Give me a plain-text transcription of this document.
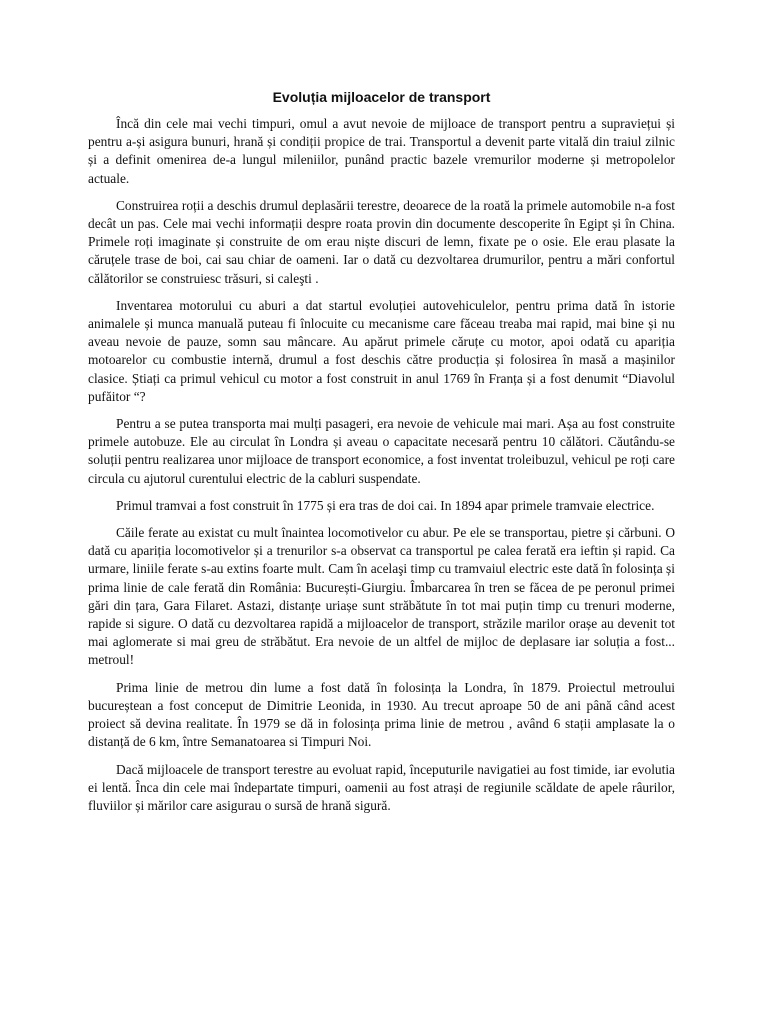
Evoluția mijloacelor de transport

Încă din cele mai vechi timpuri, omul a avut nevoie de mijloace de transport pentru a supraviețui și pentru a-și asigura bunuri, hrană și condiții propice de trai. Transportul a devenit parte vitală din traiul zilnic și a definit omenirea de-a lungul mileniilor, punând practic bazele vremurilor moderne și metropolelor actuale.

Construirea roții a deschis drumul deplasării terestre, deoarece de la roată la primele automobile n-a fost decât un pas. Cele mai vechi informații despre roata provin din documente descoperite în Egipt și în China. Primele roți imaginate și construite de om erau niște discuri de lemn, fixate pe o osie. Ele erau plasate la căruțele trase de boi, cai sau chiar de oameni. Iar o dată cu dezvoltarea drumurilor, pentru a mări confortul călătorilor se construiesc trăsuri, si caleşti .

Inventarea motorului cu aburi a dat startul evoluției autovehiculelor, pentru prima dată în istorie animalele și munca manuală puteau fi înlocuite cu mecanisme care făceau treaba mai rapid, mai bine și nu aveau nevoie de pauze, somn sau mâncare. Au apărut primele căruțe cu motor, apoi odată cu apariția motoarelor cu combustie internă, drumul a fost deschis către producția și folosirea în masă a mașinilor clasice. Știați ca primul vehicul cu motor a fost construit in anul 1769 în Franța și a fost denumit “Diavolul pufăitor “?

Pentru a se putea transporta mai mulți pasageri, era nevoie de vehicule mai mari. Așa au fost construite primele autobuze. Ele au circulat în Londra și aveau o capacitate necesară pentru 10 călători. Căutându-se soluții pentru realizarea unor mijloace de transport economice, a fost inventat troleibuzul, vehicul pe roți care circula cu ajutorul curentului electric de la cabluri suspendate.

Primul tramvai a fost construit în 1775 și era tras de doi cai. In 1894 apar primele tramvaie electrice.

Căile ferate au existat cu mult înaintea locomotivelor cu abur. Pe ele se transportau, pietre și cărbuni. O dată cu apariția locomotivelor și a trenurilor s-a observat ca transportul pe calea ferată era ieftin și rapid. Ca urmare, liniile ferate s-au extins foarte mult. Cam în acelaşi timp cu tramvaiul electric este dată în folosința și prima linie de cale ferată din România: București-Giurgiu. Îmbarcarea în tren se făcea de pe peronul primei gări din țara, Gara Filaret. Astazi, distanțe uriașe sunt străbătute în tot mai puțin timp cu trenuri moderne, rapide si sigure. O dată cu dezvoltarea rapidă a mijloacelor de transport, străzile marilor orașe au devenit tot mai aglomerate si mai greu de străbătut. Era nevoie de un altfel de mijloc de deplasare iar soluția a fost... metroul!

Prima linie de metrou din lume a fost dată în folosința la Londra, în 1879. Proiectul metroului bucureștean a fost conceput de Dimitrie Leonida, in 1930. Au trecut aproape 50 de ani până când acest proiect să devina realitate. În 1979 se dă in folosința prima linie de metrou , având 6 stații amplasate la o distanță de 6 km, între Semanatoarea si Timpuri Noi.

Dacă mijloacele de transport terestre au evoluat rapid, începuturile navigatiei au fost timide, iar evolutia ei lentă. Înca din cele mai îndepartate timpuri, oamenii au fost atrași de regiunile scăldate de apele râurilor, fluviilor și mărilor care asigurau o sursă de hrană sigură.
